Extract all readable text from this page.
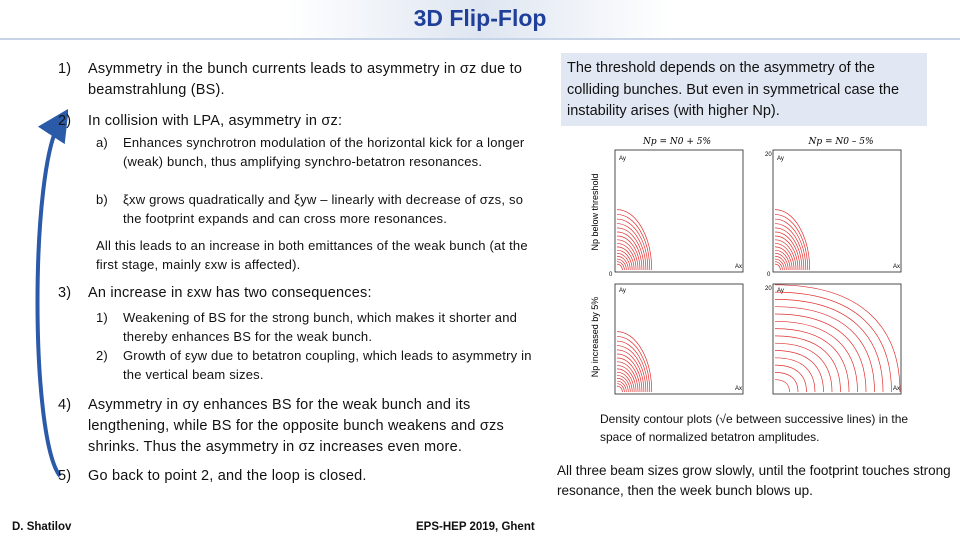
3D Flip-Flop
1) Asymmetry in the bunch currents leads to asymmetry in σz due to beamstrahlung (BS).
2) In collision with LPA, asymmetry in σz:
a) Enhances synchrotron modulation of the horizontal kick for a longer (weak) bunch, thus amplifying synchro-betatron resonances.
b) ξxw grows quadratically and ξyw – linearly with decrease of σzs, so the footprint expands and can cross more resonances.
All this leads to an increase in both emittances of the weak bunch (at the first stage, mainly εxw is affected).
3) An increase in εxw has two consequences:
1) Weakening of BS for the strong bunch, which makes it shorter and thereby enhances BS for the weak bunch.
2) Growth of εyw due to betatron coupling, which leads to asymmetry in the vertical beam sizes.
4) Asymmetry in σy enhances BS for the weak bunch and its lengthening, while BS for the opposite bunch weakens and σzs shrinks. Thus the asymmetry in σz increases even more.
5) Go back to point 2, and the loop is closed.

The threshold depends on the asymmetry of the colliding bunches. But even in symmetrical case the instability arises (with higher Np).

Np = N0 + 5%	Np = N0 – 5%
Np below threshold
Np increased by 5%
Ay
Ax
Ay
Ax
Ay
Ax
Ay
Ax
20
20
0	0
Density contour plots (√e between successive lines) in the space of normalized betatron amplitudes.
All three beam sizes grow slowly, until the footprint touches strong resonance, then the week bunch blows up.
D. Shatilov	EPS-HEP 2019, Ghent
